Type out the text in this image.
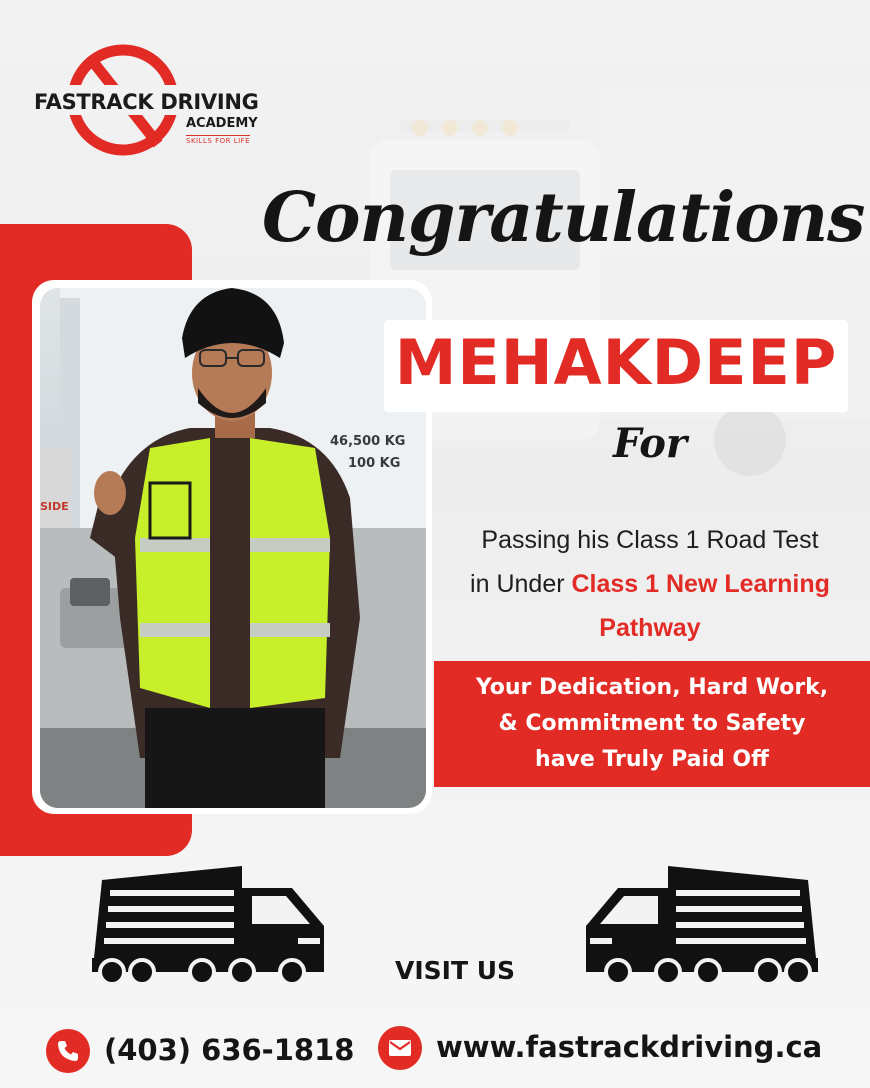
FASTRACK DRIVING
ACADEMY
SKILLS FOR LIFE
46,500 KG
100 KG
SIDE
Congratulations
MEHAKDEEP
For
Passing his Class 1 Road Test
in Under Class 1 New Learning
Pathway
Your Dedication, Hard Work,
& Commitment to Safety
have Truly Paid Off
VISIT US
(403) 636-1818	www.fastrackdriving.ca
